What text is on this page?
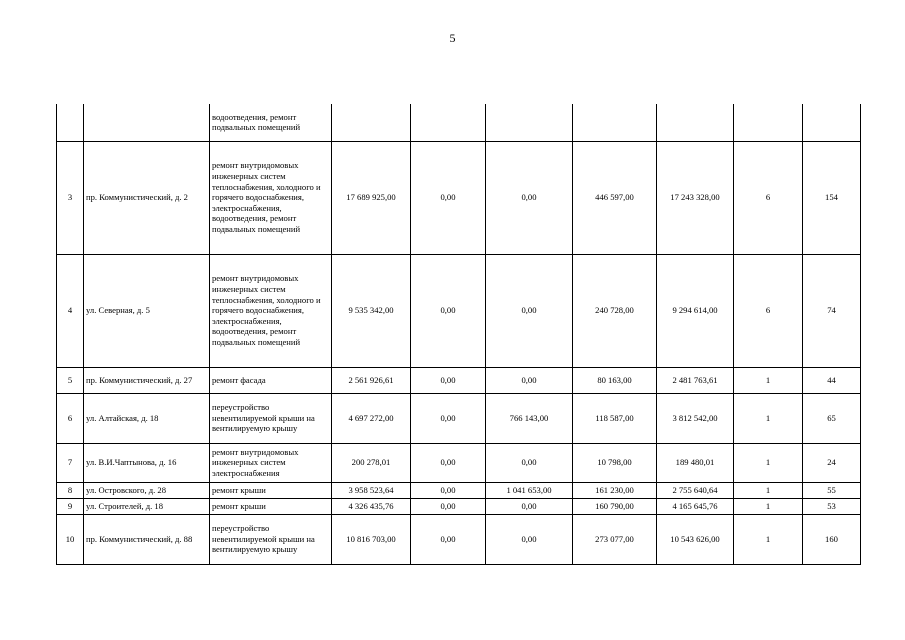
5
		водоотведения, ремонт подвальных помещений							
3	пр. Коммунистический, д. 2	ремонт внутридомовых инженерных систем теплоснабжения, холодного и горячего водоснабжения, электроснабжения, водоотведения, ремонт подвальных помещений	17 689 925,00	0,00	0,00	446 597,00	17 243 328,00	6	154
4	ул. Северная, д. 5	ремонт внутридомовых инженерных систем теплоснабжения, холодного и горячего водоснабжения, электроснабжения, водоотведения, ремонт подвальных помещений	9 535 342,00	0,00	0,00	240 728,00	9 294 614,00	6	74
5	пр. Коммунистический, д. 27	ремонт фасада	2 561 926,61	0,00	0,00	80 163,00	2 481 763,61	1	44
6	ул. Алтайская, д. 18	переустройство невентилируемой крыши на вентилируемую крышу	4 697 272,00	0,00	766 143,00	118 587,00	3 812 542,00	1	65
7	ул. В.И.Чаптынова, д. 16	ремонт внутридомовых инженерных систем электроснабжения	200 278,01	0,00	0,00	10 798,00	189 480,01	1	24
8	ул. Островского, д. 28	ремонт крыши	3 958 523,64	0,00	1 041 653,00	161 230,00	2 755 640,64	1	55
9	ул. Строителей, д. 18	ремонт крыши	4 326 435,76	0,00	0,00	160 790,00	4 165 645,76	1	53
10	пр. Коммунистический, д. 88	переустройство невентилируемой крыши на вентилируемую крышу	10 816 703,00	0,00	0,00	273 077,00	10 543 626,00	1	160
